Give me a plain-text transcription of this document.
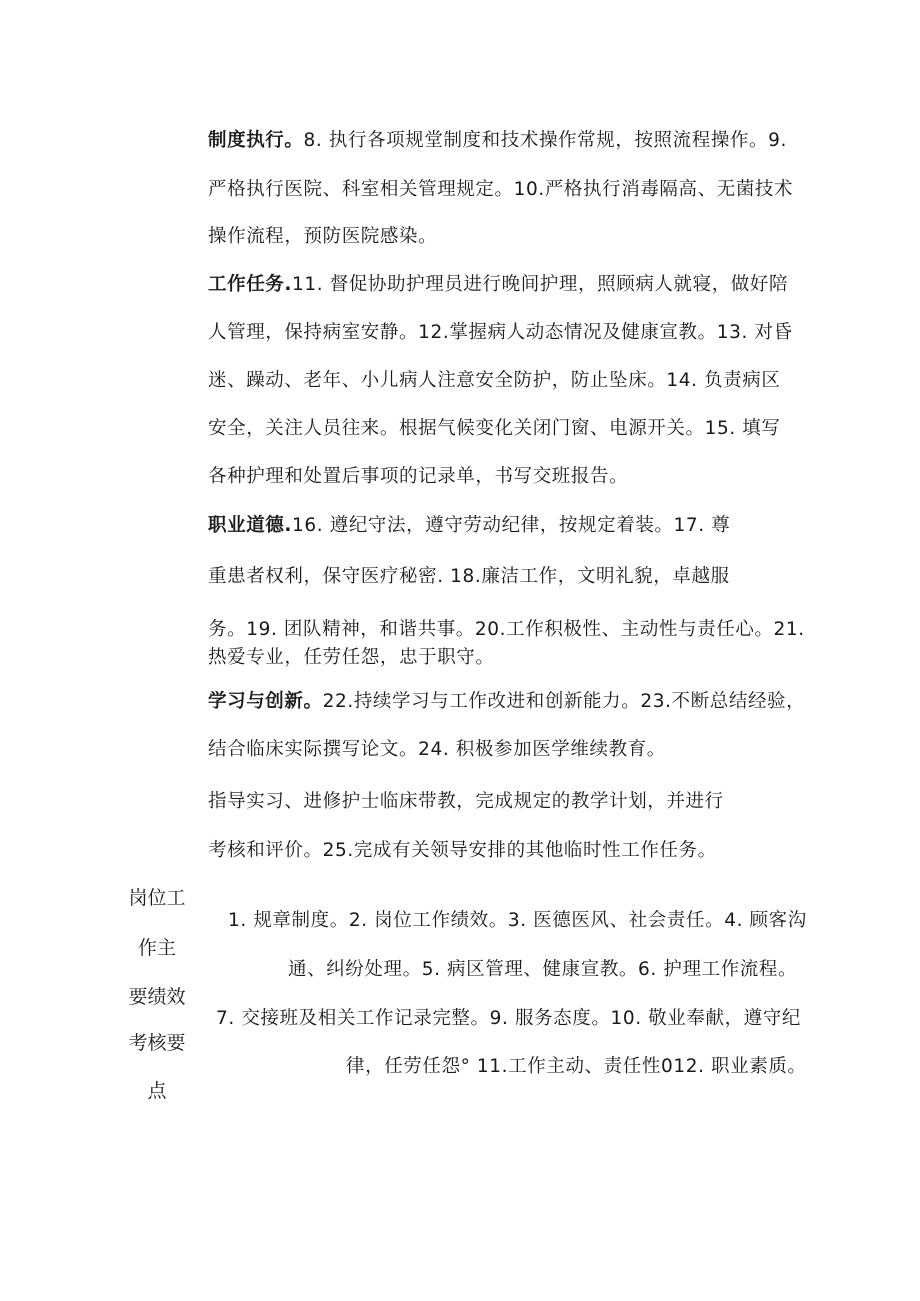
制度执行。8. 执行各项规堂制度和技术操作常规，按照流程操作。9.
严格执行医院、科室相关管理规定。10.严格执行消毒隔高、无菌技术
操作流程，预防医院感染。
工作任务.11. 督促协助护理员进行晚间护理，照顾病人就寝，做好陪
人管理，保持病室安静。12.掌握病人动态情况及健康宣教。13. 对昏
迷、躁动、老年、小儿病人注意安全防护，防止坠床。14. 负责病区
安全，关注人员往来。根据气候变化关闭门窗、电源开关。15. 填写
各种护理和处置后事项的记录单，书写交班报告。
职业道德.16. 遵纪守法，遵守劳动纪律，按规定着装。17. 尊
重患者权利，保守医疗秘密. 18.廉洁工作，文明礼貌，卓越服
务。19. 团队精神，和谐共事。20.工作积极性、主动性与责任心。21.
热爱专业，任劳任怨，忠于职守。
学习与创新。22.持续学习与工作改进和创新能力。23.不断总结经验，
结合临床实际撰写论文。24. 积极参加医学维续教育。
指导实习、进修护士临床带教，完成规定的教学计划，并进行
考核和评价。25.完成有关领导安排的其他临时性工作任务。
岗位工
作主
要绩效
考核要
点
1. 规章制度。2. 岗位工作绩效。3. 医德医风、社会责任。4. 顾客沟
通、纠纷处理。5. 病区管理、健康宣教。6. 护理工作流程。
7. 交接班及相关工作记录完整。9. 服务态度。10. 敬业奉献，遵守纪
律，任劳任怨° 11.工作主动、责任性012. 职业素质。
